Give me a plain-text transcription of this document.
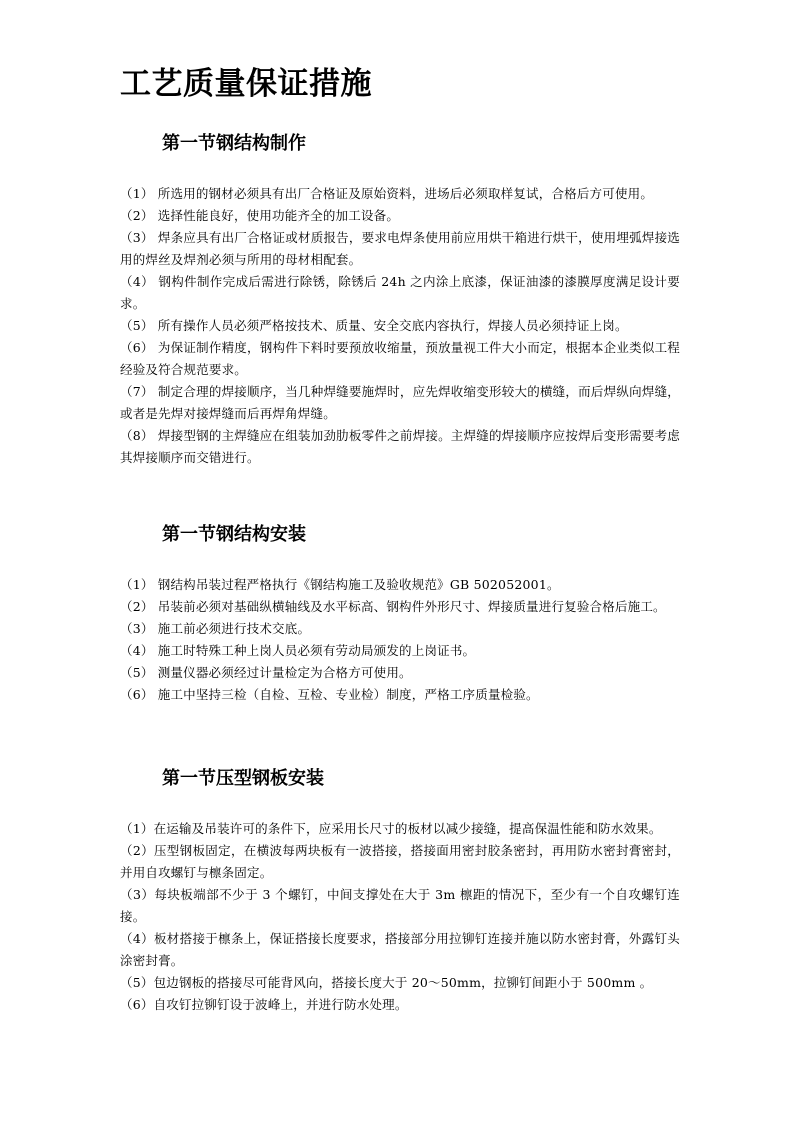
工艺质量保证措施
第一节钢结构制作

（1） 所选用的钢材必须具有出厂合格证及原始资料，进场后必须取样复试，合格后方可使用。

（2） 选择性能良好，使用功能齐全的加工设备。

（3） 焊条应具有出厂合格证或材质报告，要求电焊条使用前应用烘干箱进行烘干，使用埋弧焊接选用的焊丝及焊剂必须与所用的母材相配套。

（4） 钢构件制作完成后需进行除锈，除锈后 24h 之内涂上底漆，保证油漆的漆膜厚度满足设计要求。

（5） 所有操作人员必须严格按技术、质量、安全交底内容执行，焊接人员必须持证上岗。

（6） 为保证制作精度，钢构件下料时要预放收缩量，预放量视工件大小而定，根据本企业类似工程经验及符合规范要求。

（7） 制定合理的焊接顺序，当几种焊缝要施焊时，应先焊收缩变形较大的横缝，而后焊纵向焊缝，或者是先焊对接焊缝而后再焊角焊缝。

（8） 焊接型钢的主焊缝应在组装加劲肋板零件之前焊接。主焊缝的焊接顺序应按焊后变形需要考虑其焊接顺序而交错进行。

第一节钢结构安装

（1） 钢结构吊装过程严格执行《钢结构施工及验收规范》GB 502052001。

（2） 吊装前必须对基础纵横轴线及水平标高、钢构件外形尺寸、焊接质量进行复验合格后施工。

（3） 施工前必须进行技术交底。

（4） 施工时特殊工种上岗人员必须有劳动局颁发的上岗证书。

（5） 测量仪器必须经过计量检定为合格方可使用。

（6） 施工中坚持三检（自检、互检、专业检）制度，严格工序质量检验。

第一节压型钢板安装

（1）在运输及吊装许可的条件下，应采用长尺寸的板材以减少接缝，提高保温性能和防水效果。

（2）压型钢板固定，在横波每两块板有一波搭接，搭接面用密封胶条密封，再用防水密封膏密封，并用自攻螺钉与檩条固定。

（3）每块板端部不少于 3 个螺钉，中间支撑处在大于 3m 檩距的情况下，至少有一个自攻螺钉连接。

（4）板材搭接于檩条上，保证搭接长度要求，搭接部分用拉铆钉连接并施以防水密封膏，外露钉头涂密封膏。

（5）包边钢板的搭接尽可能背风向，搭接长度大于 20～50mm，拉铆钉间距小于 500mm 。

（6）自攻钉拉铆钉设于波峰上，并进行防水处理。
